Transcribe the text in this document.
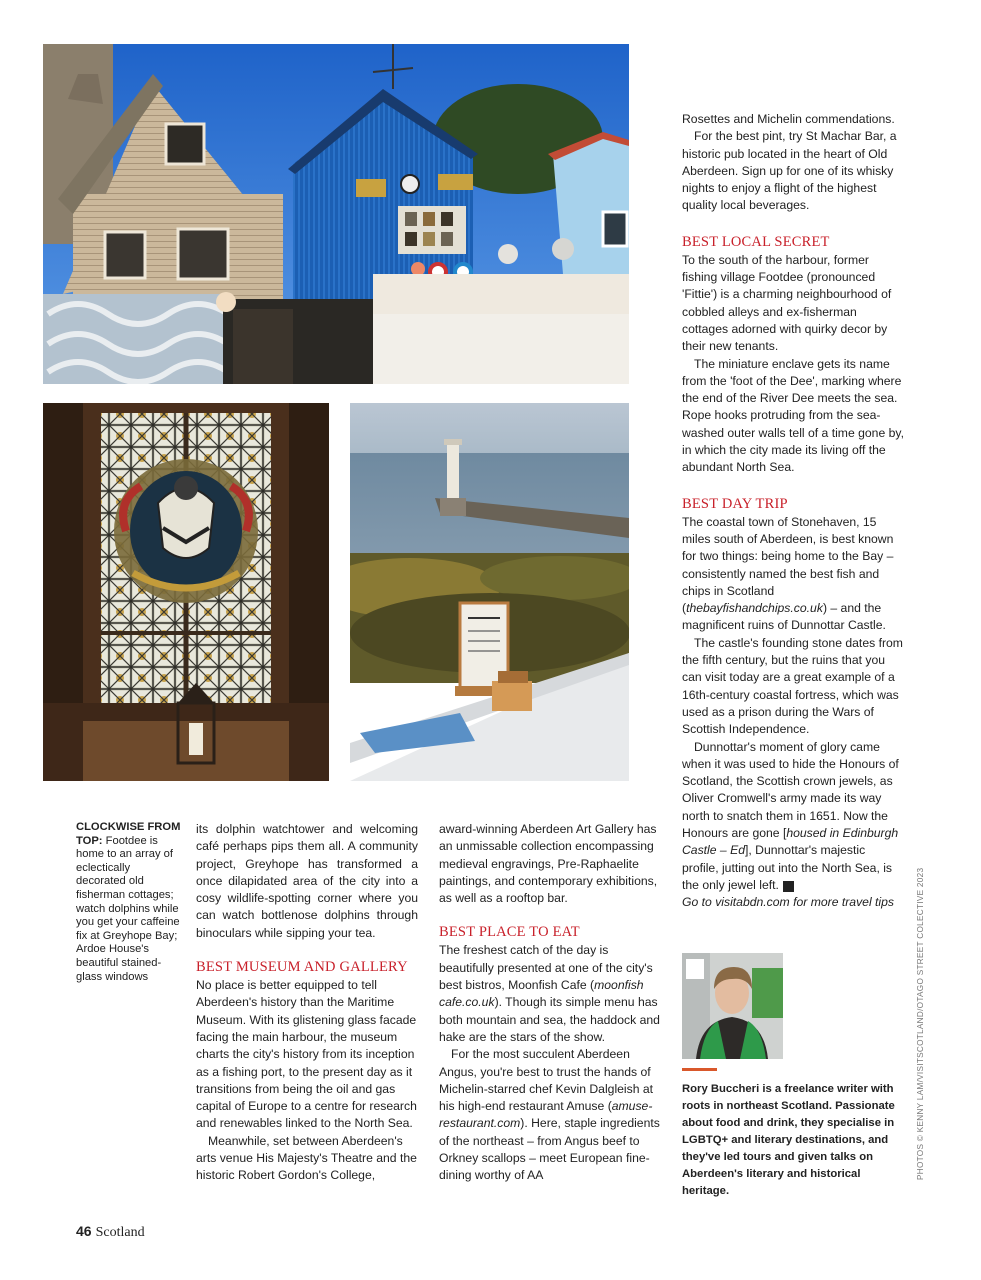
CLOCKWISE FROM TOP: Footdee is home to an array of eclectically decorated old fisherman cottages; watch dolphins while you get your caffeine fix at Greyhope Bay; Ardoe House's beautiful stained-glass windows

its dolphin watchtower and welcoming café perhaps pips them all. A community project, Greyhope has transformed a once dilapidated area of the city into a cosy wildlife-spotting corner where you can watch bottlenose dolphins through binoculars while sipping your tea.

BEST MUSEUM AND GALLERY

No place is better equipped to tell Aberdeen's history than the Maritime Museum. With its glistening glass facade facing the main harbour, the museum charts the city's history from its inception as a fishing port, to the present day as it transitions from being the oil and gas capital of Europe to a centre for research and renewables linked to the North Sea.

Meanwhile, set between Aberdeen's arts venue His Majesty's Theatre and the historic Robert Gordon's College,

award-winning Aberdeen Art Gallery has an unmissable collection encompassing medieval engravings, Pre-Raphaelite paintings, and contemporary exhibitions, as well as a rooftop bar.

BEST PLACE TO EAT

The freshest catch of the day is beautifully presented at one of the city's best bistros, Moonfish Cafe (moonfish cafe.co.uk). Though its simple menu has both mountain and sea, the haddock and hake are the stars of the show.

For the most succulent Aberdeen Angus, you're best to trust the hands of Michelin-starred chef Kevin Dalgleish at his high-end restaurant Amuse (amuse-restaurant.com). Here, staple ingredients of the northeast – from Angus beef to Orkney scallops – meet European fine-dining worthy of AA

Rosettes and Michelin commendations.

For the best pint, try St Machar Bar, a historic pub located in the heart of Old Aberdeen. Sign up for one of its whisky nights to enjoy a flight of the highest quality local beverages.

BEST LOCAL SECRET

To the south of the harbour, former fishing village Footdee (pronounced 'Fittie') is a charming neighbourhood of cobbled alleys and ex-fisherman cottages adorned with quirky decor by their new tenants.

The miniature enclave gets its name from the 'foot of the Dee', marking where the end of the River Dee meets the sea. Rope hooks protruding from the sea-washed outer walls tell of a time gone by, in which the city made its living off the abundant North Sea.

BEST DAY TRIP

The coastal town of Stonehaven, 15 miles south of Aberdeen, is best known for two things: being home to the Bay – consistently named the best fish and chips in Scotland (thebayfishandchips.co.uk) – and the magnificent ruins of Dunnottar Castle.

The castle's founding stone dates from the fifth century, but the ruins that you can visit today are a great example of a 16th-century coastal fortress, which was used as a prison during the Wars of Scottish Independence.

Dunnottar's moment of glory came when it was used to hide the Honours of Scotland, the Scottish crown jewels, as Oliver Cromwell's army made its way north to snatch them in 1651. Now the Honours are gone [housed in Edinburgh Castle – Ed], Dunnottar's majestic profile, jutting out into the North Sea, is the only jewel left. S

Go to visitabdn.com for more travel tips

Rory Buccheri is a freelance writer with roots in northeast Scotland. Passionate about food and drink, they specialise in LGBTQ+ and literary destinations, and they've led tours and given talks on Aberdeen's literary and historical heritage.
PHOTOS © KENNY LAM/VISITSCOTLAND/OTAGO STREET COLECTIVE 2023
46 Scotland
